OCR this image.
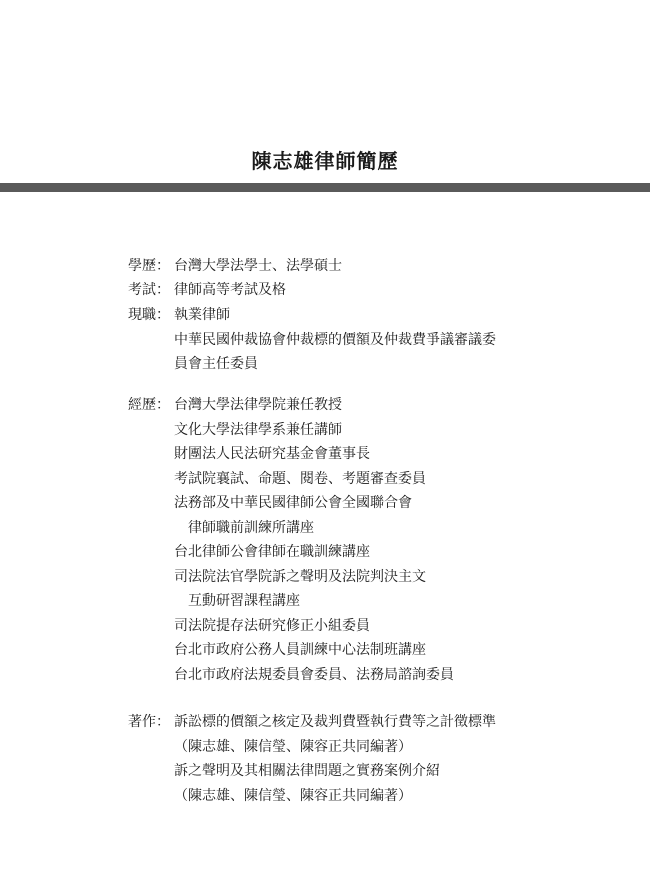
陳志雄律師簡歷
學歷： 台灣大學法學士、法學碩士
考試： 律師高等考試及格
現職： 執業律師
中華民國仲裁協會仲裁標的價額及仲裁費爭議審議委
員會主任委員
經歷： 台灣大學法律學院兼任教授
文化大學法律學系兼任講師
財團法人民法研究基金會董事長
考試院襄試、命題、閱卷、考題審查委員
法務部及中華民國律師公會全國聯合會
律師職前訓練所講座
台北律師公會律師在職訓練講座
司法院法官學院訴之聲明及法院判決主文
互動研習課程講座
司法院提存法研究修正小組委員
台北市政府公務人員訓練中心法制班講座
台北市政府法規委員會委員、法務局諮詢委員
著作： 訴訟標的價額之核定及裁判費暨執行費等之計徵標準
（陳志雄、陳信瑩、陳容正共同編著）
訴之聲明及其相關法律問題之實務案例介紹
（陳志雄、陳信瑩、陳容正共同編著）
